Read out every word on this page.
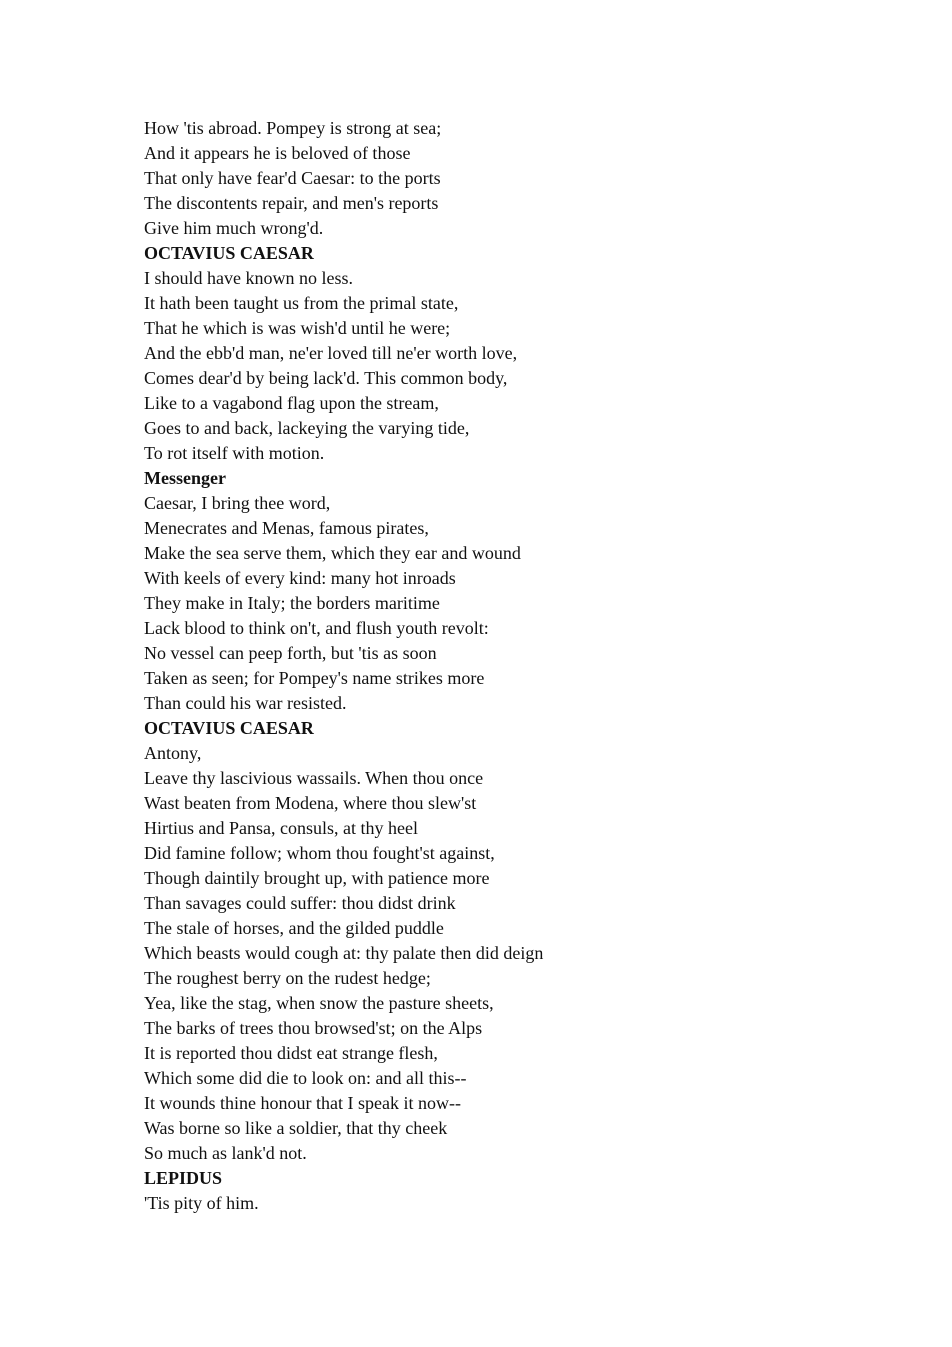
How 'tis abroad. Pompey is strong at sea;
And it appears he is beloved of those
That only have fear'd Caesar: to the ports
The discontents repair, and men's reports
Give him much wrong'd.
OCTAVIUS CAESAR
I should have known no less.
It hath been taught us from the primal state,
That he which is was wish'd until he were;
And the ebb'd man, ne'er loved till ne'er worth love,
Comes dear'd by being lack'd. This common body,
Like to a vagabond flag upon the stream,
Goes to and back, lackeying the varying tide,
To rot itself with motion.
Messenger
Caesar, I bring thee word,
Menecrates and Menas, famous pirates,
Make the sea serve them, which they ear and wound
With keels of every kind: many hot inroads
They make in Italy; the borders maritime
Lack blood to think on't, and flush youth revolt:
No vessel can peep forth, but 'tis as soon
Taken as seen; for Pompey's name strikes more
Than could his war resisted.
OCTAVIUS CAESAR
Antony,
Leave thy lascivious wassails. When thou once
Wast beaten from Modena, where thou slew'st
Hirtius and Pansa, consuls, at thy heel
Did famine follow; whom thou fought'st against,
Though daintily brought up, with patience more
Than savages could suffer: thou didst drink
The stale of horses, and the gilded puddle
Which beasts would cough at: thy palate then did deign
The roughest berry on the rudest hedge;
Yea, like the stag, when snow the pasture sheets,
The barks of trees thou browsed'st; on the Alps
It is reported thou didst eat strange flesh,
Which some did die to look on: and all this--
It wounds thine honour that I speak it now--
Was borne so like a soldier, that thy cheek
So much as lank'd not.
LEPIDUS
'Tis pity of him.
